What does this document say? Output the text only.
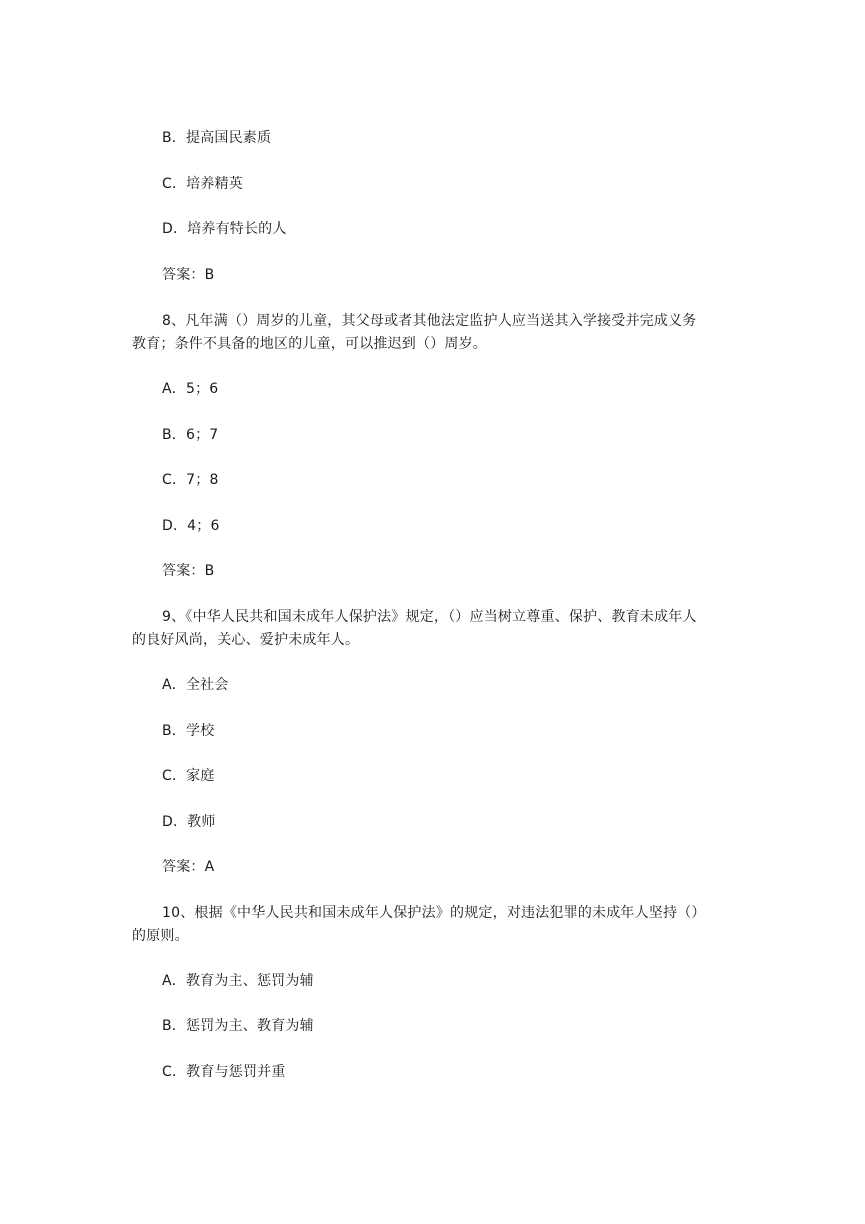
B．提高国民素质
C．培养精英
D．培养有特长的人
答案：B
8、凡年满（）周岁的儿童，其父母或者其他法定监护人应当送其入学接受并完成义务
教育；条件不具备的地区的儿童，可以推迟到（）周岁。
A．5；6
B．6；7
C．7；8
D．4；6
答案：B
9、《中华人民共和国未成年人保护法》规定，（）应当树立尊重、保护、教育未成年人
的良好风尚，关心、爱护未成年人。
A．全社会
B．学校
C．家庭
D．教师
答案：A
10、根据《中华人民共和国未成年人保护法》的规定，对违法犯罪的未成年人坚持（）
的原则。
A．教育为主、惩罚为辅
B．惩罚为主、教育为辅
C．教育与惩罚并重
